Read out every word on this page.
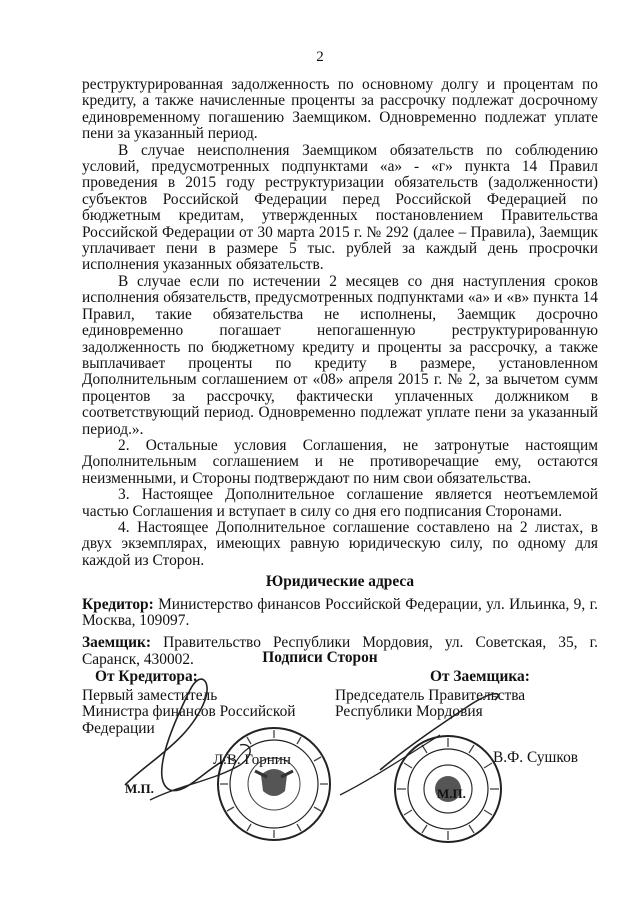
2

реструктурированная задолженность по основному долгу и процентам по кредиту, а также начисленные проценты за рассрочку подлежат досрочному единовременному погашению Заемщиком. Одновременно подлежат уплате пени за указанный период.

В случае неисполнения Заемщиком обязательств по соблюдению условий, предусмотренных подпунктами «а» - «г» пункта 14 Правил проведения в 2015 году реструктуризации обязательств (задолженности) субъектов Российской Федерации перед Российской Федерацией по бюджетным кредитам, утвержденных постановлением Правительства Российской Федерации от 30 марта 2015 г. № 292 (далее – Правила), Заемщик уплачивает пени в размере 5 тыс. рублей за каждый день просрочки исполнения указанных обязательств.

В случае если по истечении 2 месяцев со дня наступления сроков исполнения обязательств, предусмотренных подпунктами «а» и «в» пункта 14 Правил, такие обязательства не исполнены, Заемщик досрочно единовременно погашает непогашенную реструктурированную задолженность по бюджетному кредиту и проценты за рассрочку, а также выплачивает проценты по кредиту в размере, установленном Дополнительным соглашением от «08» апреля 2015 г. № 2, за вычетом сумм процентов за рассрочку, фактически уплаченных должником в соответствующий период. Одновременно подлежат уплате пени за указанный период.».

2. Остальные условия Соглашения, не затронутые настоящим Дополнительным соглашением и не противоречащие ему, остаются неизменными, и Стороны подтверждают по ним свои обязательства.

3. Настоящее Дополнительное соглашение является неотъемлемой частью Соглашения и вступает в силу со дня его подписания Сторонами.

4. Настоящее Дополнительное соглашение составлено на 2 листах, в двух экземплярах, имеющих равную юридическую силу, по одному для каждой из Сторон.

Юридические адреса

Кредитор: Министерство финансов Российской Федерации, ул. Ильинка, 9, г. Москва, 109097.

Заемщик: Правительство Республики Мордовия, ул. Советская, 35, г. Саранск, 430002.	Подписи Сторон
От Кредитора:
Первый заместитель
Министра финансов Российской
Федерации
От Заемщика:
Председатель Правительства
Республики Мордовия
Л.В. Горнин	В.Ф. Сушков
М.П.	М.П.
